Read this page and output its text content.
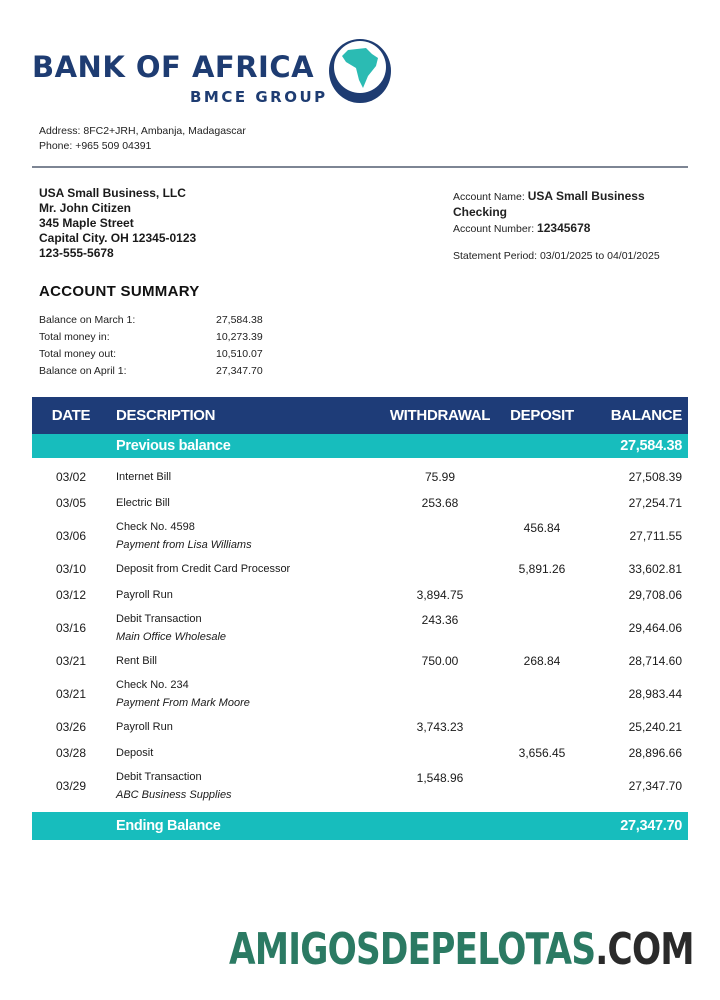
BANK OF AFRICA
BMCE GROUP
Address: 8FC2+JRH, Ambanja, Madagascar
Phone: +965 509 04391
USA Small Business, LLC
Mr. John Citizen
345 Maple Street
Capital City. OH 12345-0123
123-555-5678
Account Name: USA Small Business Checking
Account Number: 12345678
Statement Period: 03/01/2025 to 04/01/2025
ACCOUNT SUMMARY
Balance on March 1:	27,584.38
Total money in:	10,273.39
Total money out:	10,510.07
Balance on April 1:	27,347.70
DATE	DESCRIPTION	WITHDRAWAL	DEPOSIT	BALANCE
	Previous balance			27,584.38

03/02	Internet Bill	75.99		27,508.39
03/05	Electric Bill	253.68		27,254.71
03/06	Check No. 4598
Payment from Lisa Williams		456.84	27,711.55
03/10	Deposit from Credit Card Processor		5,891.26	33,602.81
03/12	Payroll Run	3,894.75		29,708.06
03/16	Debit Transaction
Main Office Wholesale	243.36		29,464.06
03/21	Rent Bill	750.00	268.84	28,714.60
03/21	Check No. 234
Payment From Mark Moore			28,983.44
03/26	Payroll Run	3,743.23		25,240.21
03/28	Deposit		3,656.45	28,896.66
03/29	Debit Transaction
ABC Business Supplies	1,548.96		27,347.70

	Ending Balance			27,347.70
AMIGOSDEPELOTAS.COM
